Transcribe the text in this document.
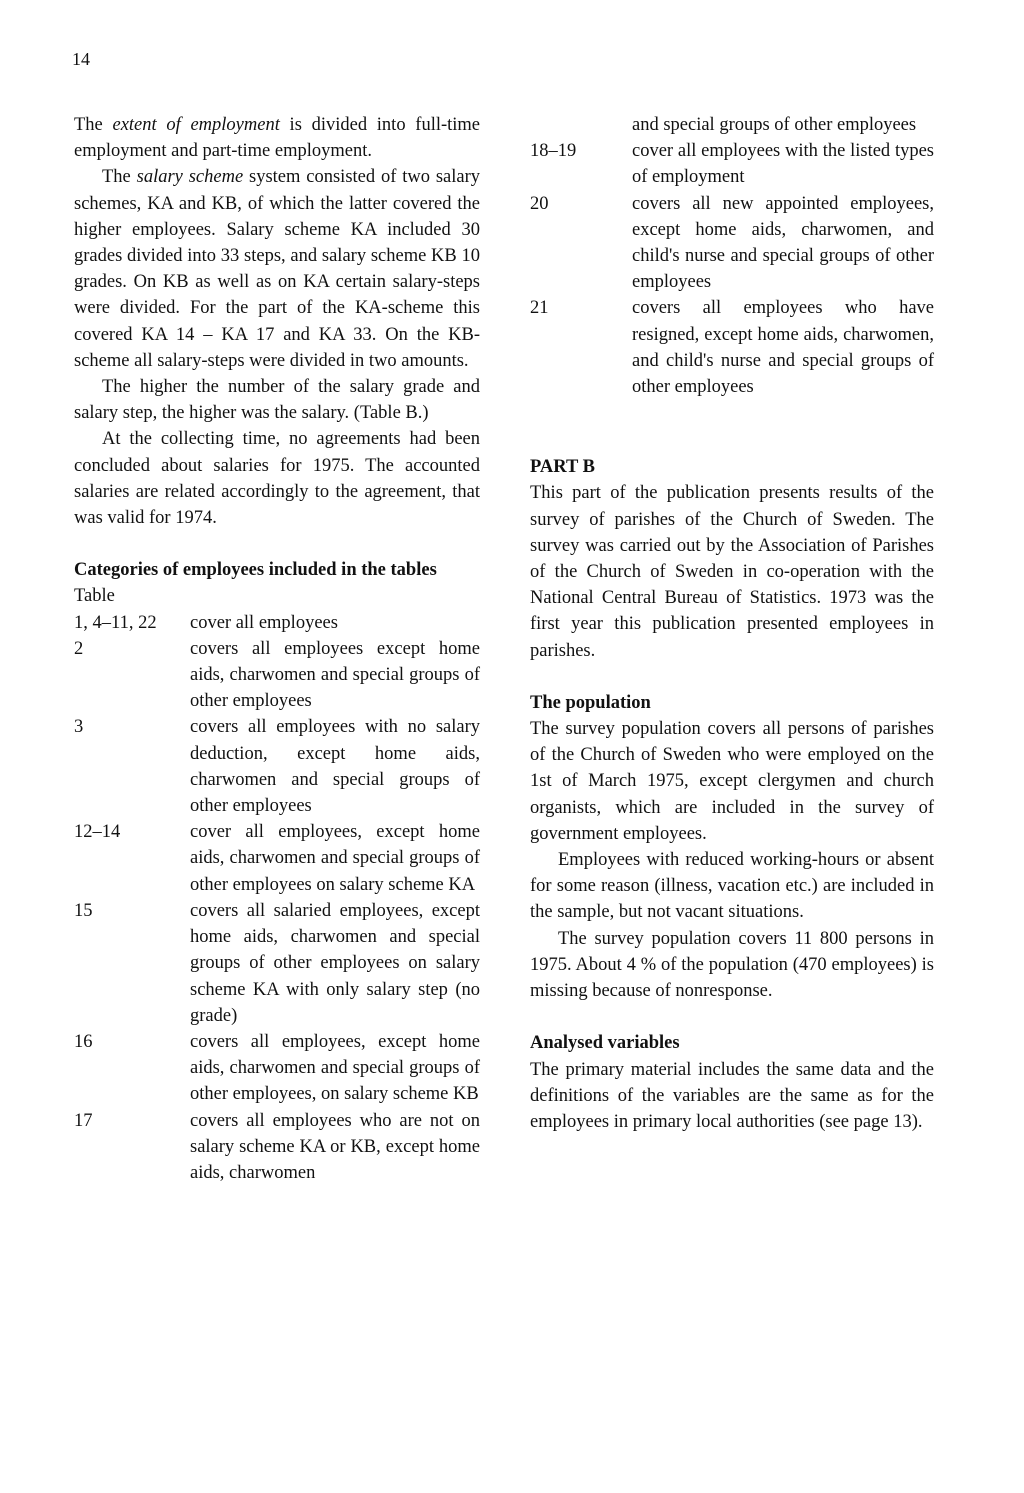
14

The extent of employment is divided into full-time employment and part-time employment.

The salary scheme system consisted of two salary schemes, KA and KB, of which the latter covered the higher employees. Salary scheme KA included 30 grades divided into 33 steps, and salary scheme KB 10 grades. On KB as well as on KA certain salary-steps were divided. For the part of the KA-scheme this covered KA 14 – KA 17 and KA 33. On the KB-scheme all salary-steps were divided in two amounts.

The higher the number of the salary grade and salary step, the higher was the salary. (Table B.)

At the collecting time, no agreements had been concluded about salaries for 1975. The accounted salaries are related accordingly to the agreement, that was valid for 1974.

Categories of employees included in the tables

Table

1, 4–11, 22	cover all employees
2	covers all employees except home aids, charwomen and special groups of other employees
3	covers all employees with no salary deduction, except home aids, charwomen and special groups of other employees
12–14	cover all employees, except home aids, charwomen and special groups of other employees on salary scheme KA
15	covers all salaried employees, except home aids, charwomen and special groups of other employees on salary scheme KA with only salary step (no grade)
16	covers all employees, except home aids, charwomen and special groups of other employees, on salary scheme KB
17	covers all employees who are not on salary scheme KA or KB, except home aids, charwomen
	and special groups of other employees
18–19	cover all employees with the listed types of employment
20	covers all new appointed employees, except home aids, charwomen, and child's nurse and special groups of other employees
21	covers all employees who have resigned, except home aids, charwomen, and child's nurse and special groups of other employees

PART B

This part of the publication presents results of the survey of parishes of the Church of Sweden. The survey was carried out by the Association of Parishes of the Church of Sweden in co-operation with the National Central Bureau of Statistics. 1973 was the first year this publication presented employees in parishes.

The population

The survey population covers all persons of parishes of the Church of Sweden who were employed on the 1st of March 1975, except clergymen and church organists, which are included in the survey of government employees.

Employees with reduced working-hours or absent for some reason (illness, vacation etc.) are included in the sample, but not vacant situations.

The survey population covers 11 800 persons in 1975. About 4 % of the population (470 employees) is missing because of nonresponse.

Analysed variables

The primary material includes the same data and the definitions of the variables are the same as for the employees in primary local authorities (see page 13).
